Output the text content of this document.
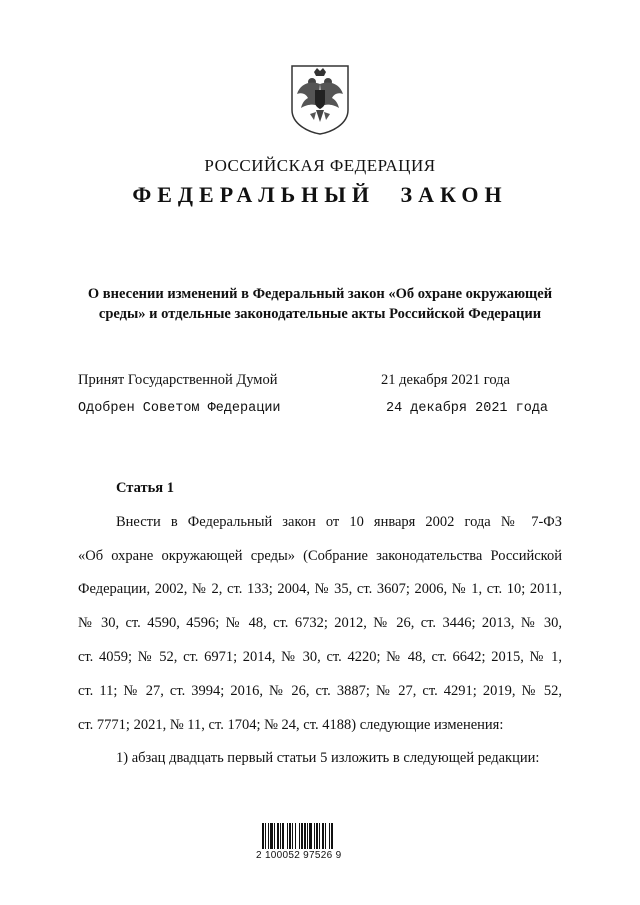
РОССИЙСКАЯ ФЕДЕРАЦИЯ
ФЕДЕРАЛЬНЫЙ ЗАКОН
О внесении изменений в Федеральный закон «Об охране окружающей
среды» и отдельные законодательные акты Российской Федерации
Принят Государственной Думой	21 декабря 2021 года
Одобрен Советом Федерации	24 декабря 2021 года
Статья 1
Внести в Федеральный закон от 10 января 2002 года № 7-ФЗ
«Об охране окружающей среды» (Собрание законодательства Российской
Федерации, 2002, № 2, ст. 133; 2004, № 35, ст. 3607; 2006, № 1, ст. 10; 2011,
№ 30, ст. 4590, 4596; № 48, ст. 6732; 2012, № 26, ст. 3446; 2013, № 30,
ст. 4059; № 52, ст. 6971; 2014, № 30, ст. 4220; № 48, ст. 6642; 2015, № 1,
ст. 11; № 27, ст. 3994; 2016, № 26, ст. 3887; № 27, ст. 4291; 2019, № 52,
ст. 7771; 2021, № 11, ст. 1704; № 24, ст. 4188) следующие изменения:
1) абзац двадцать первый статьи 5 изложить в следующей редакции:
2 100052 97526 9
